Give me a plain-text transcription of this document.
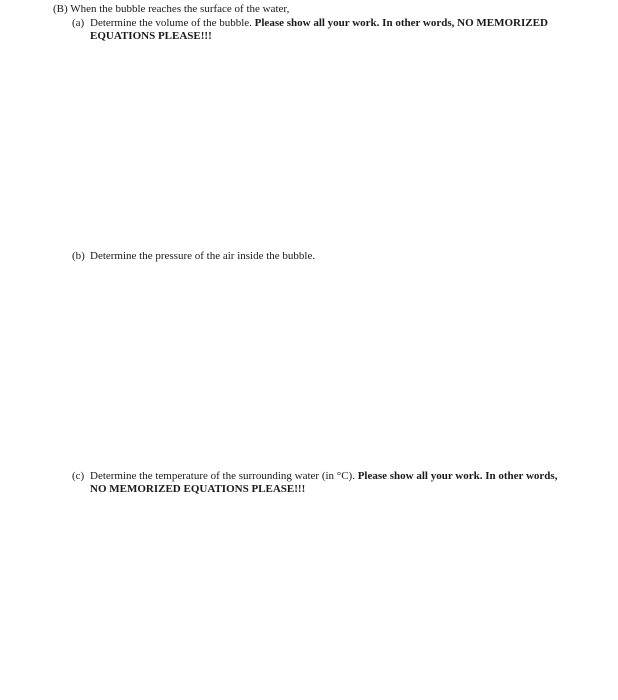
(B) When the bubble reaches the surface of the water,
(a) Determine the volume of the bubble. Please show all your work. In other words, NO MEMORIZED
EQUATIONS PLEASE!!!
(b) Determine the pressure of the air inside the bubble.
(c) Determine the temperature of the surrounding water (in °C). Please show all your work. In other words,
NO MEMORIZED EQUATIONS PLEASE!!!
